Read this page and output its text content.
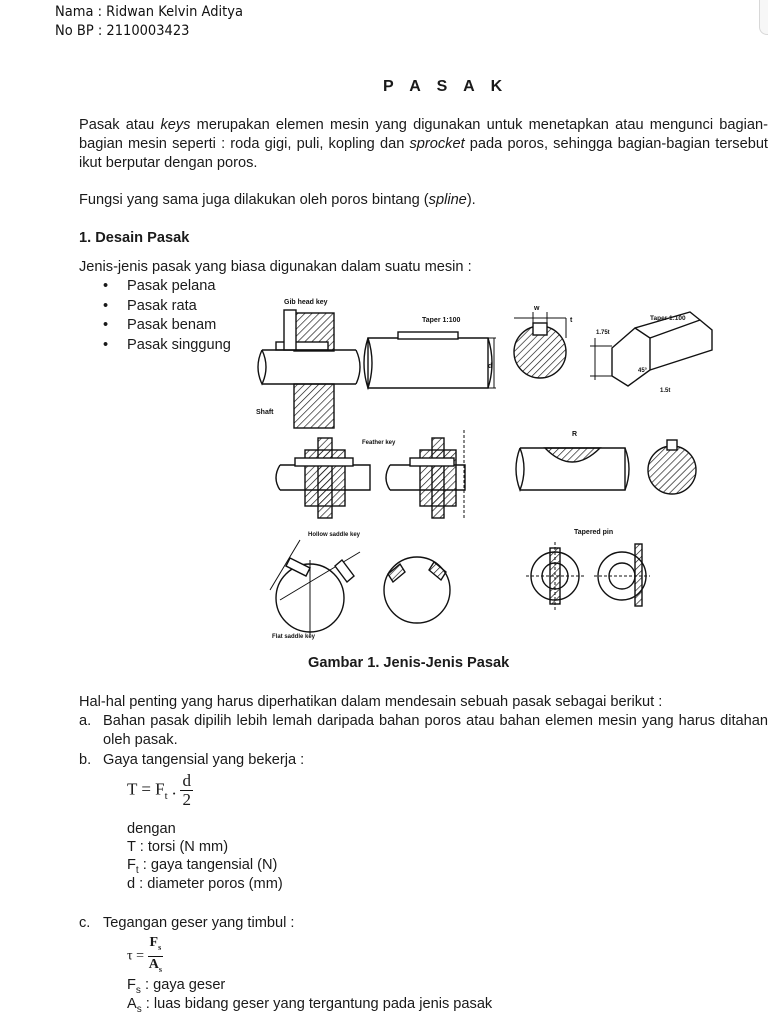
Nama : Ridwan Kelvin Aditya
No BP : 2110003423
P A S A K
Pasak atau keys merupakan elemen mesin yang digunakan untuk menetapkan atau mengunci bagian-bagian mesin seperti : roda gigi, puli, kopling dan sprocket pada poros, sehingga bagian-bagian tersebut ikut berputar dengan poros.
Fungsi yang sama juga dilakukan oleh poros bintang (spline).
1. Desain Pasak
Jenis-jenis pasak yang biasa digunakan dalam suatu mesin :
• Pasak pelana
• Pasak rata
• Pasak benam
• Pasak singgung
Gib head key
Shaft
Taper 1:100	Taper 1:100
w
t
d
1.75t
1.5t
45°
Feather key
R
Hollow saddle key
Flat saddle key
Tapered pin
Gambar 1. Jenis-Jenis Pasak
Hal-hal penting yang harus diperhatikan dalam mendesain sebuah pasak sebagai berikut :
a. Bahan pasak dipilih lebih lemah daripada bahan poros atau bahan elemen mesin yang harus ditahan oleh pasak.
b. Gaya tangensial yang bekerja :
$T = F_t$ . $\frac{d}{2}$
dengan
T : torsi (N mm)
$F_t$ : gaya tangensial (N)
d : diameter poros (mm)
c. Tegangan geser yang timbul :
$\tau = \frac{F_s}{A_s}$
$F_s$ : gaya geser
$A_s$ : luas bidang geser yang tergantung pada jenis pasak
